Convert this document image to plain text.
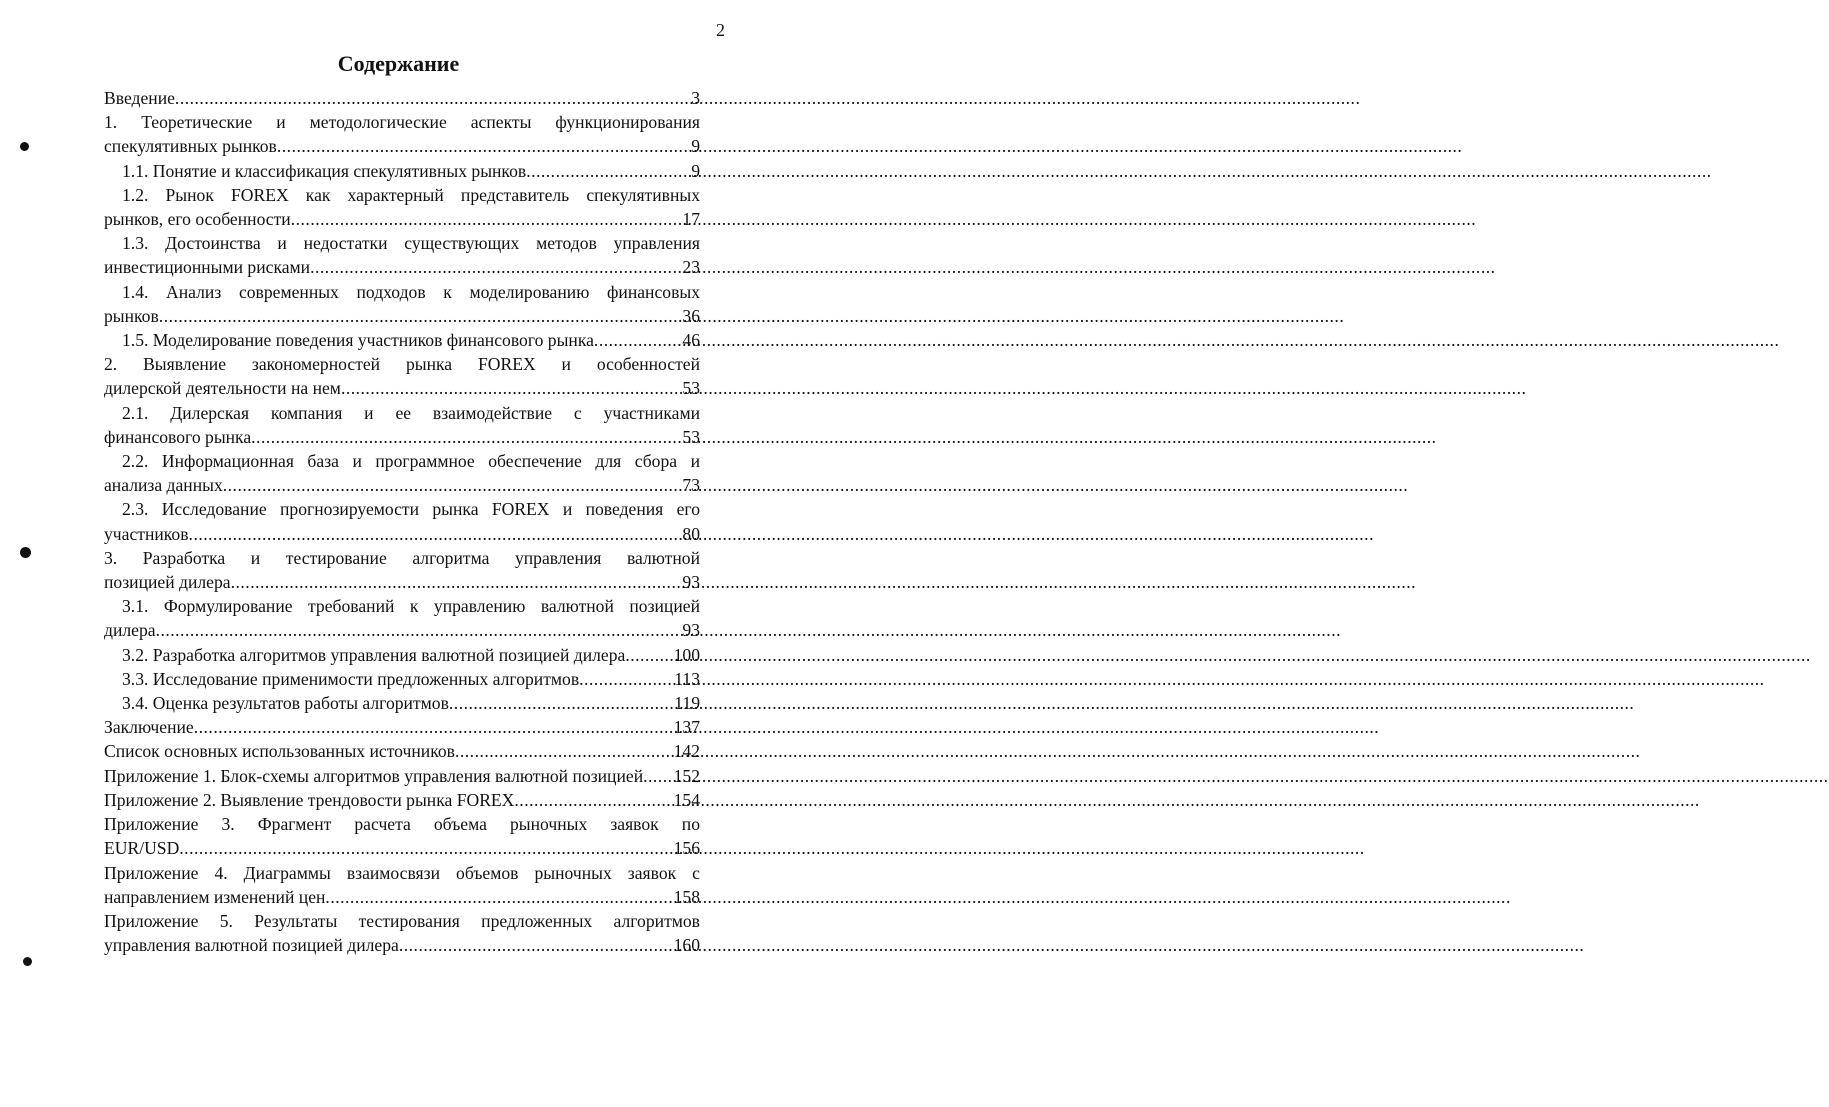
2
Содержание
Введение .....	3
1. Теоретические и методологические аспекты функционирования
спекулятивных рынков .....	9
1.1. Понятие и классификация спекулятивных рынков .....	9
1.2. Рынок FOREX как характерный представитель спекулятивных
рынков, его особенности .....	17
1.3. Достоинства и недостатки существующих методов управления
инвестиционными рисками .....	23
1.4. Анализ современных подходов к моделированию финансовых
рынков .....	36
1.5. Моделирование поведения участников финансового рынка .....	46
2. Выявление закономерностей рынка FOREX и особенностей
дилерской деятельности на нем .....	53
2.1. Дилерская компания и ее взаимодействие с участниками
финансового рынка .....	53
2.2. Информационная база и программное обеспечение для сбора и
анализа данных .....	73
2.3. Исследование прогнозируемости рынка FOREX и поведения его
участников .....	80
3. Разработка и тестирование алгоритма управления валютной
позицией дилера .....	93
3.1. Формулирование требований к управлению валютной позицией
дилера .....	93
3.2. Разработка алгоритмов управления валютной позицией дилера .....	100
3.3. Исследование применимости предложенных алгоритмов .....	113
3.4. Оценка результатов работы алгоритмов .....	119
Заключение .....	137
Список основных использованных источников .....	142
Приложение 1. Блок-схемы алгоритмов управления валютной позицией ..... 152
Приложение 2. Выявление трендовости рынка FOREX .....	154
Приложение 3. Фрагмент расчета объема рыночных заявок по
EUR/USD .....	156
Приложение 4. Диаграммы взаимосвязи объемов рыночных заявок с
направлением изменений цен .....	158
Приложение 5. Результаты тестирования предложенных алгоритмов
управления валютной позицией дилера .....	160
